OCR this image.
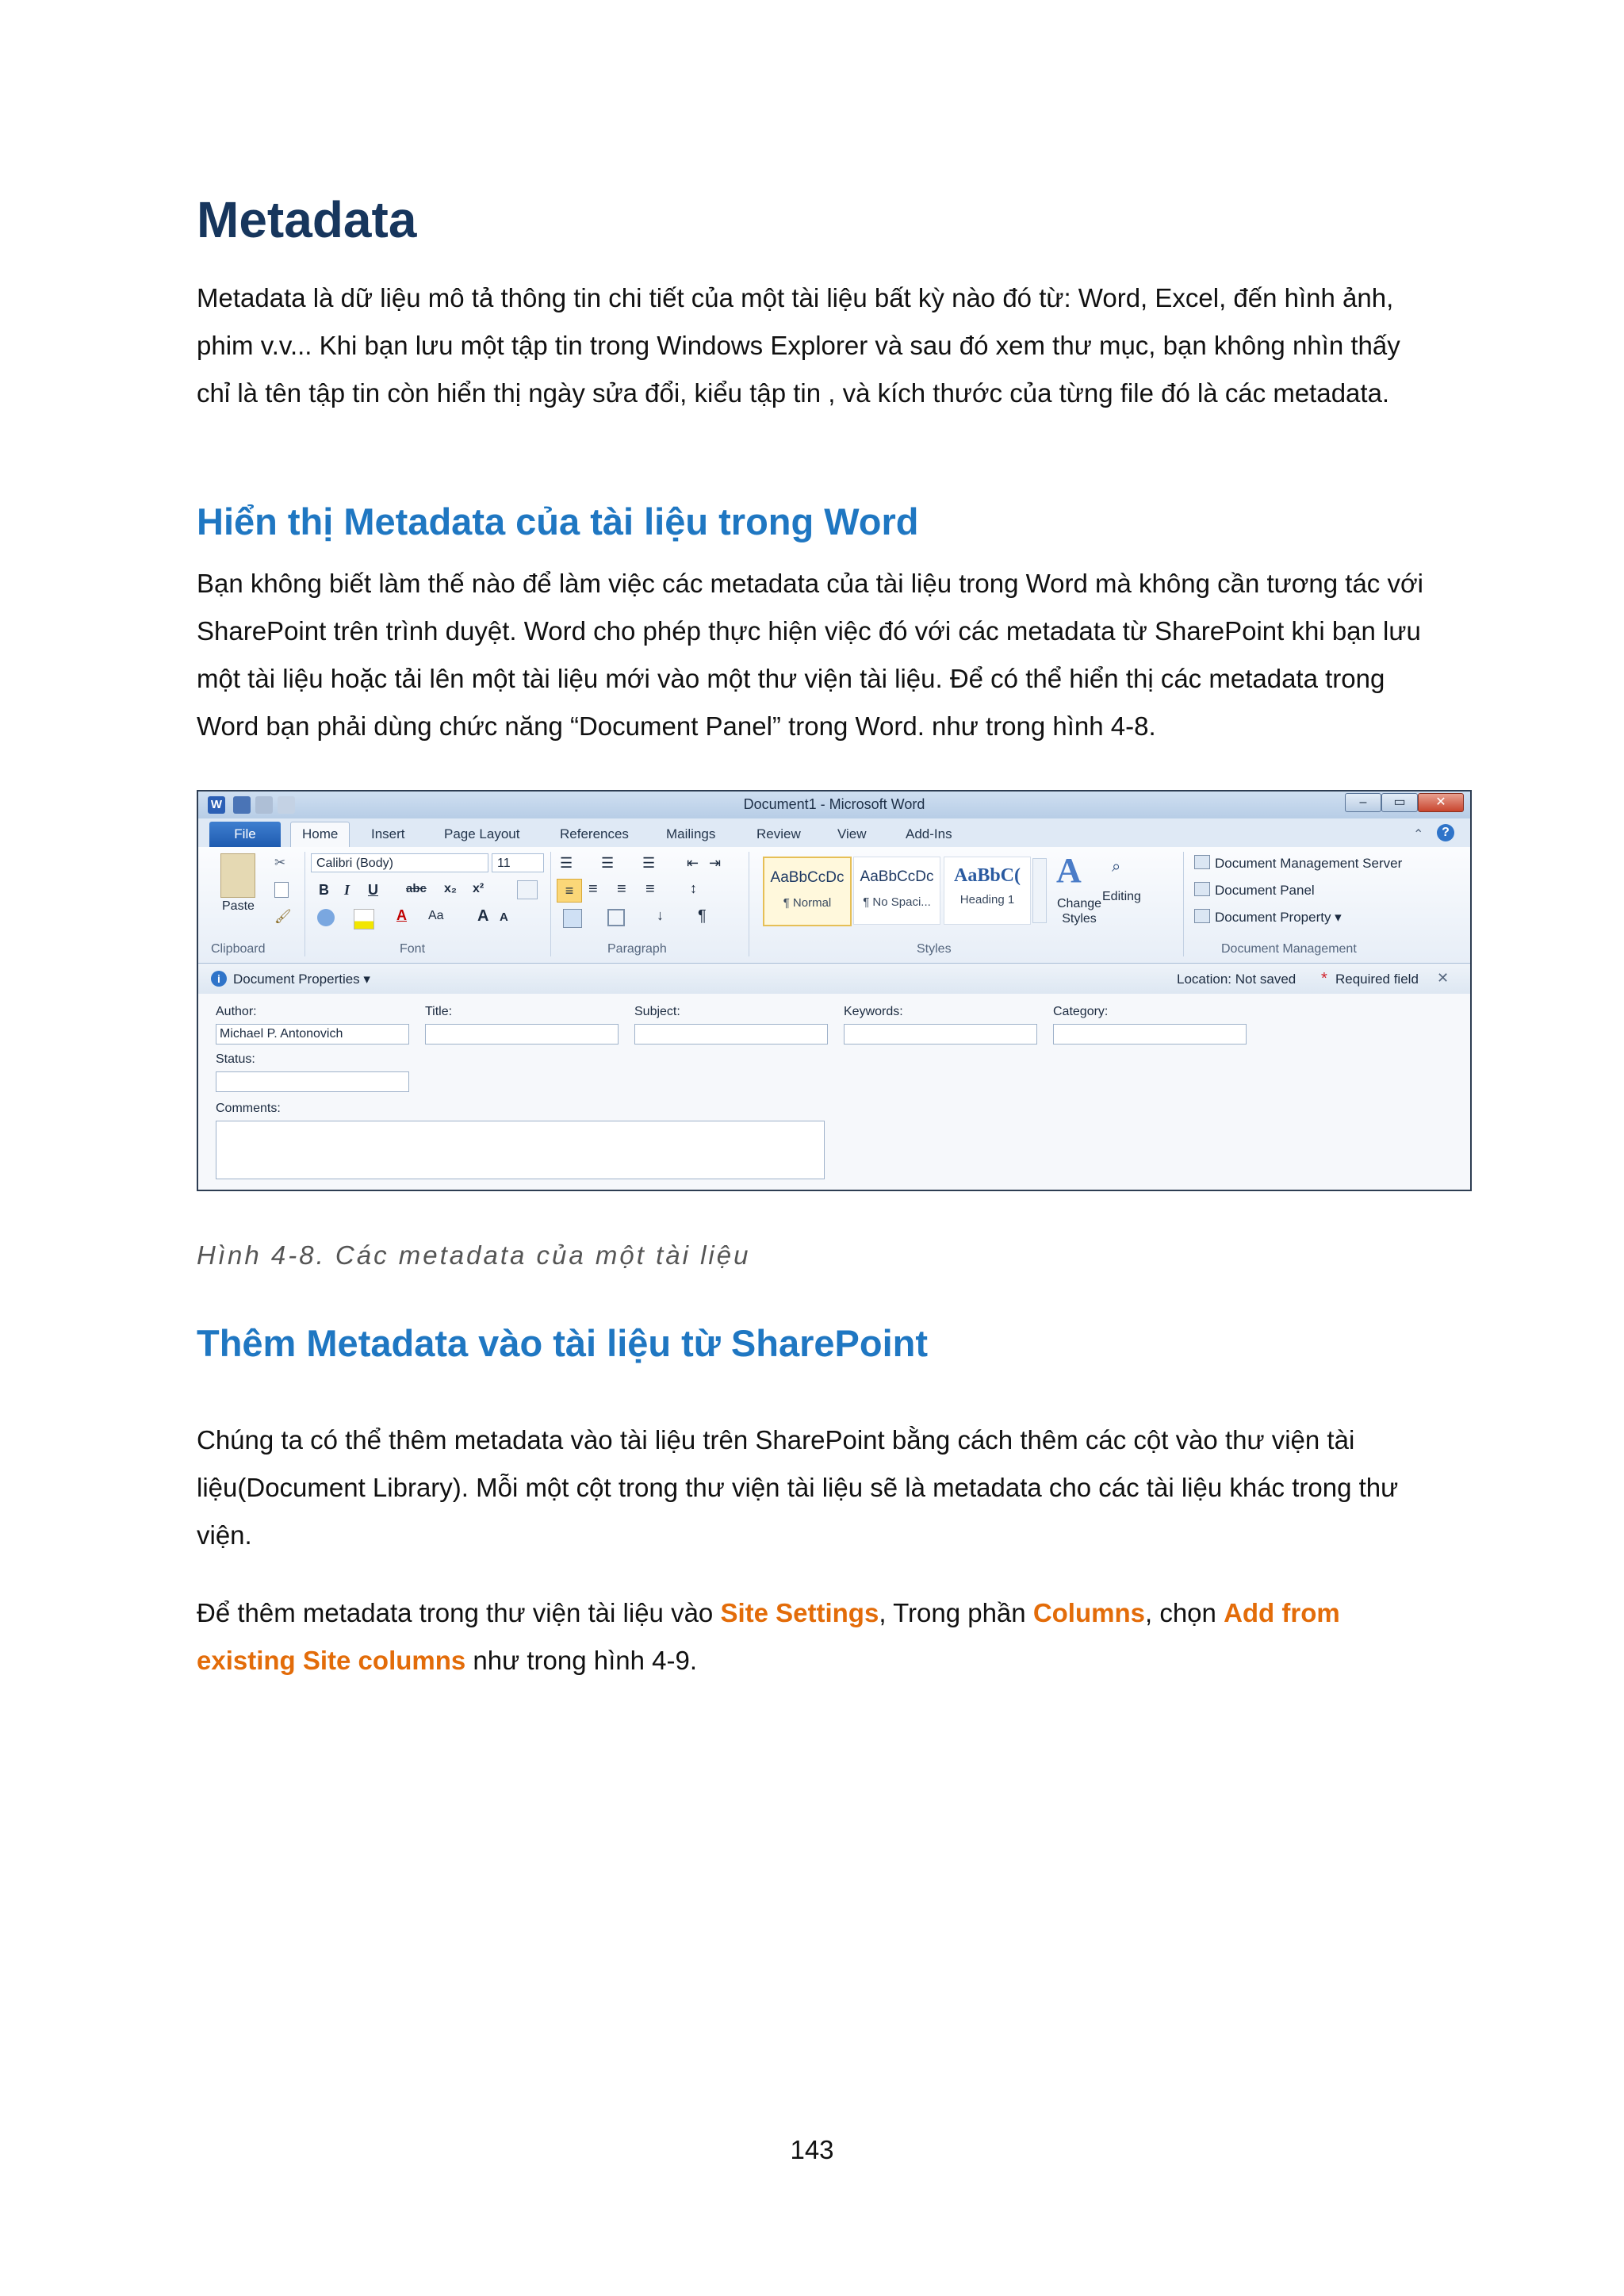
Metadata

Metadata là dữ liệu mô tả thông tin chi tiết của một tài liệu bất kỳ nào đó từ: Word, Excel, đến hình ảnh, phim v.v... Khi bạn lưu một tập tin trong Windows Explorer và sau đó xem thư mục, bạn không nhìn thấy chỉ là tên tập tin còn hiển thị ngày sửa đổi, kiểu tập tin , và kích thước của từng file đó là các metadata.

Hiển thị Metadata của tài liệu trong Word

Bạn không biết làm thế nào để làm việc các metadata của tài liệu trong Word mà không cần tương tác với SharePoint trên trình duyệt. Word cho phép thực hiện việc đó với các metadata từ SharePoint khi bạn lưu một tài liệu hoặc tải lên một tài liệu mới vào một thư viện tài liệu. Để có thể hiển thị các metadata trong Word bạn phải dùng chức năng “Document Panel” trong Word. như trong hình 4-8.

W	Document1 - Microsoft Word	–	▭	✕
File	Home	Insert	Page Layout	References	Mailings	Review	View	Add-Ins	⌃	?
Paste
✂
🖌
Clipboard
Calibri (Body)	11
B I U abc x₂ x²
A Aa A A
Font
☰ ☰ ☰ ⇤ ⇥
≡ ≡ ≡ ≡ ↕
↓ ¶
Paragraph
AaBbCcDc
¶ Normal
AaBbCcDc
¶ No Spaci...
AaBbC(
Heading 1
A
Change Styles
⌕
Editing
Styles
Document Management Server
Document Panel
Document Property ▾
Document Management
i Document Properties ▾	Location: Not saved * Required field ✕
Author:
Michael P. Antonovich
Title:	Subject:	Keywords:	Category:
Status:
Comments:
Hình 4-8. Các metadata của một tài liệu
Thêm Metadata vào tài liệu từ SharePoint

Chúng ta có thể thêm metadata vào tài liệu trên SharePoint bằng cách thêm các cột vào thư viện tài liệu(Document Library). Mỗi một cột trong thư viện tài liệu sẽ là metadata cho các tài liệu khác trong thư viện.

Để thêm metadata trong thư viện tài liệu vào Site Settings, Trong phần Columns, chọn Add from existing Site columns như trong hình 4-9.

143
